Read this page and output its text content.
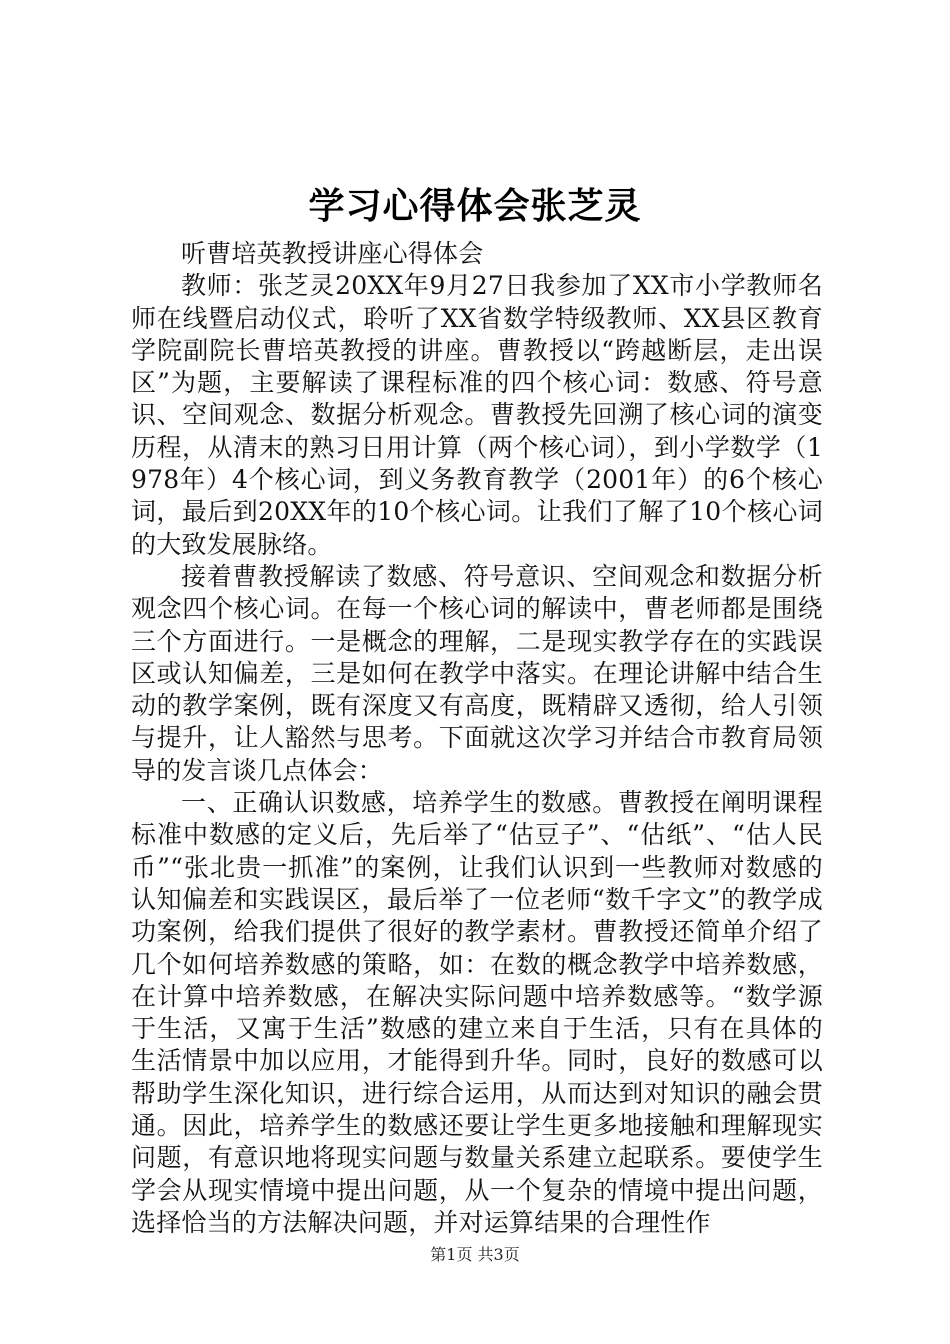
学习心得体会张芝灵

听曹培英教授讲座心得体会

教师：张芝灵20XX年9月27日我参加了XX市小学教师名师在线暨启动仪式，聆听了XX省数学特级教师、XX县区教育学院副院长曹培英教授的讲座。曹教授以“跨越断层，走出误区”为题，主要解读了课程标准的四个核心词：数感、符号意识、空间观念、数据分析观念。曹教授先回溯了核心词的演变历程，从清末的熟习日用计算（两个核心词），到小学数学（1978年）4个核心词，到义务教育教学（2001年）的6个核心词，最后到20XX年的10个核心词。让我们了解了10个核心词的大致发展脉络。

接着曹教授解读了数感、符号意识、空间观念和数据分析观念四个核心词。在每一个核心词的解读中，曹老师都是围绕三个方面进行。一是概念的理解，二是现实教学存在的实践误区或认知偏差，三是如何在教学中落实。在理论讲解中结合生动的教学案例，既有深度又有高度，既精辟又透彻，给人引领与提升，让人豁然与思考。下面就这次学习并结合市教育局领导的发言谈几点体会：

一、正确认识数感，培养学生的数感。曹教授在阐明课程标准中数感的定义后，先后举了“估豆子”、“估纸”、“估人民币”“张北贵一抓准”的案例，让我们认识到一些教师对数感的认知偏差和实践误区，最后举了一位老师“数千字文”的教学成功案例，给我们提供了很好的教学素材。曹教授还简单介绍了几个如何培养数感的策略，如：在数的概念教学中培养数感，在计算中培养数感，在解决实际问题中培养数感等。“数学源于生活，又寓于生活”数感的建立来自于生活，只有在具体的生活情景中加以应用，才能得到升华。同时，良好的数感可以帮助学生深化知识，进行综合运用，从而达到对知识的融会贯通。因此，培养学生的数感还要让学生更多地接触和理解现实问题，有意识地将现实问题与数量关系建立起联系。要使学生学会从现实情境中提出问题，从一个复杂的情境中提出问题，选择恰当的方法解决问题，并对运算结果的合理性作

第1页 共3页
